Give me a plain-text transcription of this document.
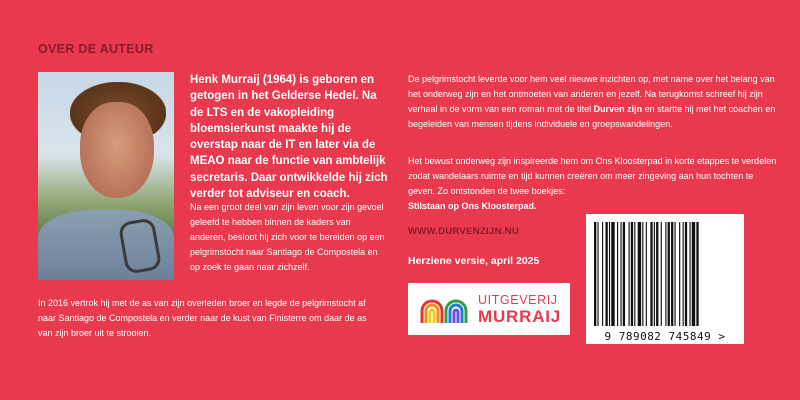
OVER DE AUTEUR

Henk Murraij (1964) is geboren en getogen in het Gelderse Hedel. Na de LTS en de vakopleiding bloemsierkunst maakte hij de overstap naar de IT en later via de MEAO naar de functie van ambtelijk secretaris. Daar ontwikkelde hij zich verder tot adviseur en coach.

Na een groot deel van zijn leven voor zijn gevoel geleefd te hebben binnen de kaders van anderen, besloot hij zich voor te bereiden op een pelgrimstocht naar Santiago de Compostela en op zoek te gaan naar zichzelf.

In 2016 vertrok hij met de as van zijn overleden broer en legde de pelgrimstocht af naar Santiago de Compostela en verder naar de kust van Finisterre om daar de as van zijn broer uit te strooien.

De pelgrimstocht leverde voor hem veel nieuwe inzichten op, met name over het belang van het onderweg zijn en het ontmoeten van anderen en jezelf. Na terugkomst schreef hij zijn verhaal in de vorm van een roman met de titel Durven zijn en startte hij met het coachen en begeleiden van mensen tijdens individuele en groepswandelingen.

Het bewust onderweg zijn inspireerde hem om Ons Kloosterpad in korte etappes te verdelen zodat wandelaars ruimte en tijd kunnen creëren om meer zingeving aan hun tochten te geven. Zo ontstonden de twee boekjes:
Stilstaan op Ons Kloosterpad.

WWW.DURVENZIJN.NU
Herziene versie, april 2025
UITGEVERIJ
MURRAIJ
9 789082 745849 >
